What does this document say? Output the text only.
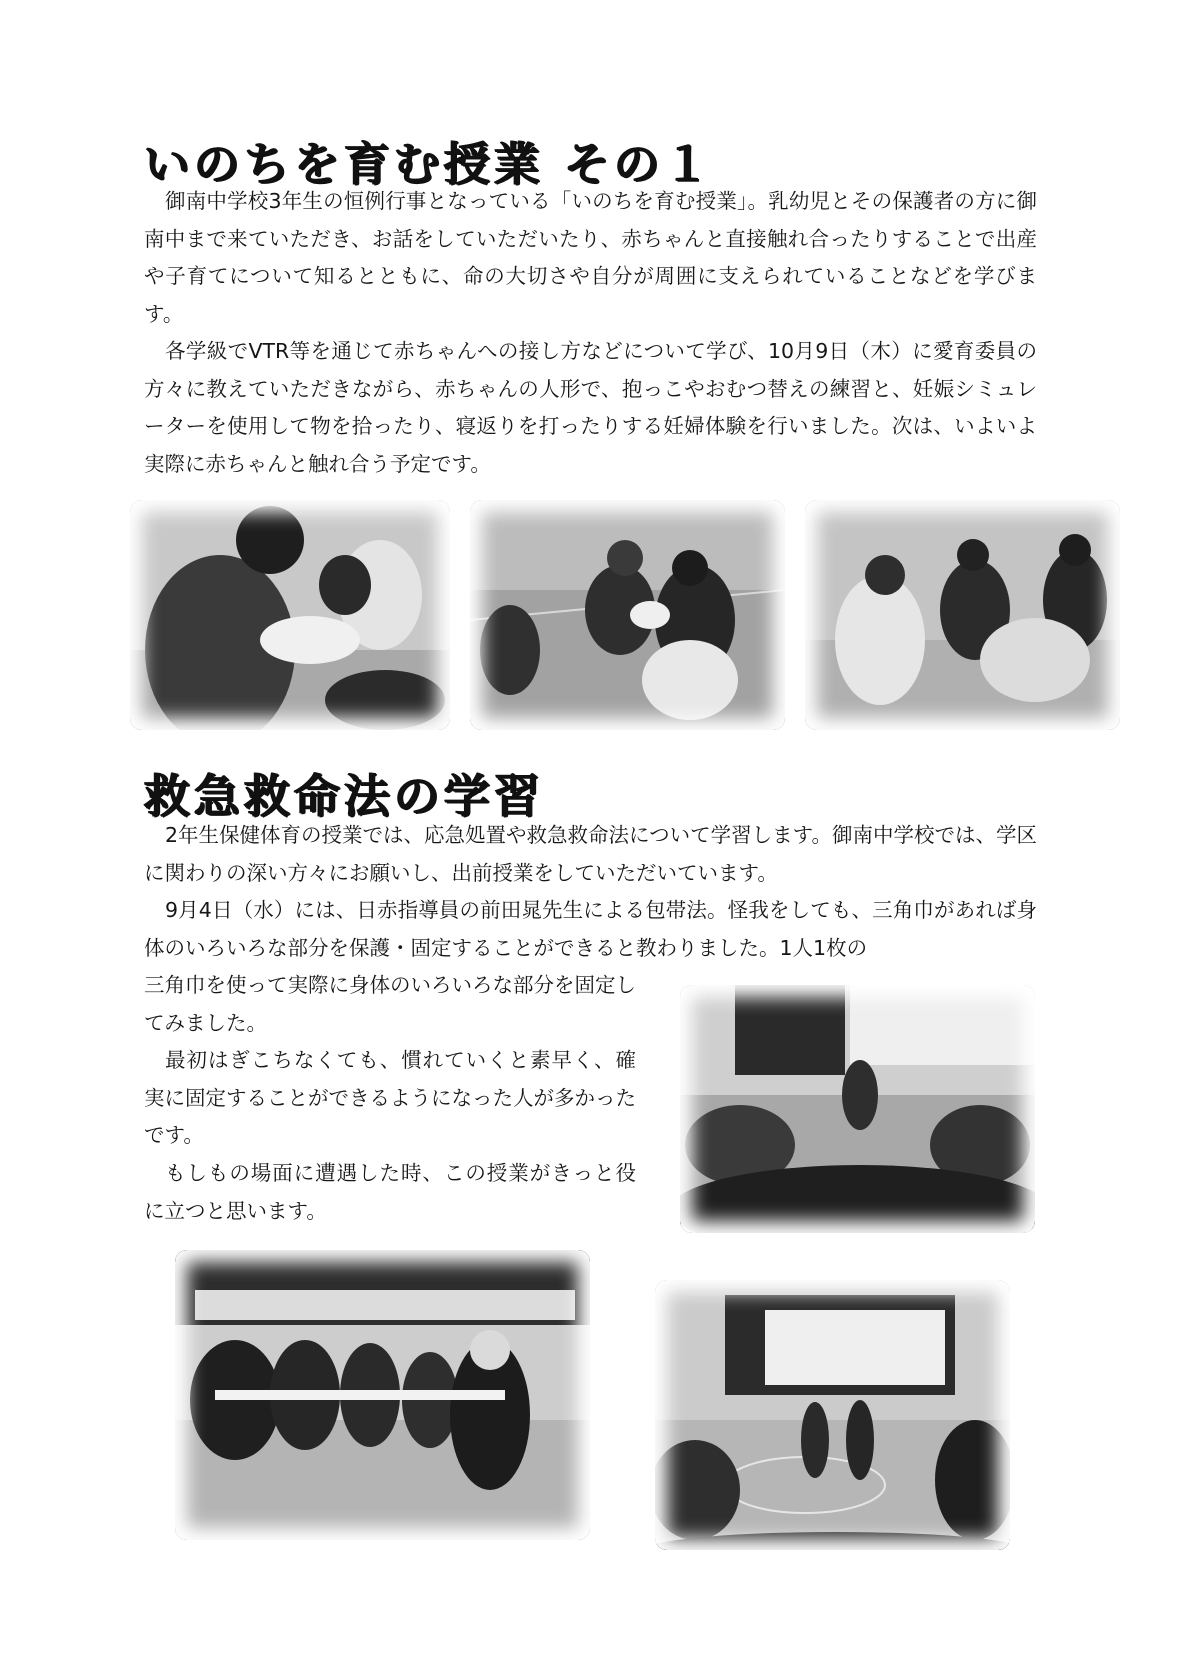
いのちを育む授業 その１

御南中学校3年生の恒例行事となっている「いのちを育む授業」。乳幼児とその保護者の方に御南中まで来ていただき、お話をしていただいたり、赤ちゃんと直接触れ合ったりすることで出産や子育てについて知るとともに、命の大切さや自分が周囲に支えられていることなどを学びます。

各学級でVTR等を通じて赤ちゃんへの接し方などについて学び、10月9日（木）に愛育委員の方々に教えていただきながら、赤ちゃんの人形で、抱っこやおむつ替えの練習と、妊娠シミュレーターを使用して物を拾ったり、寝返りを打ったりする妊婦体験を行いました。次は、いよいよ実際に赤ちゃんと触れ合う予定です。

救急救命法の学習

2年生保健体育の授業では、応急処置や救急救命法について学習します。御南中学校では、学区に関わりの深い方々にお願いし、出前授業をしていただいています。

9月4日（水）には、日赤指導員の前田晁先生による包帯法。怪我をしても、三角巾があれば身体のいろいろな部分を保護・固定することができると教わりました。1人1枚の

三角巾を使って実際に身体のいろいろな部分を固定してみました。

最初はぎこちなくても、慣れていくと素早く、確実に固定することができるようになった人が多かったです。

もしもの場面に遭遇した時、この授業がきっと役に立つと思います。
